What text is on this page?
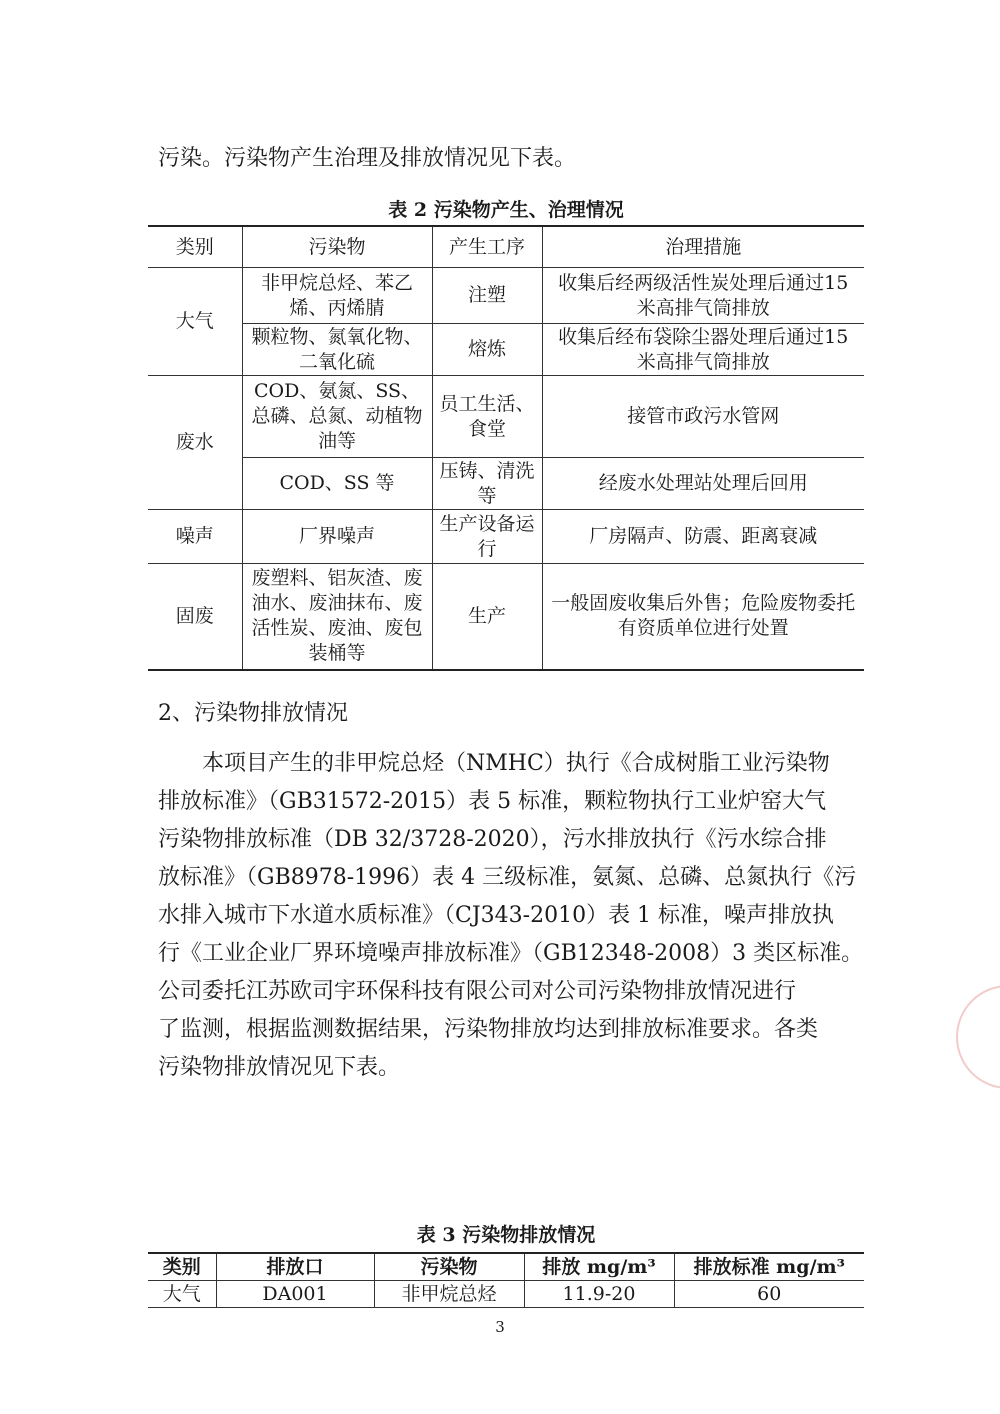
污染。污染物产生治理及排放情况见下表。

表 2 污染物产生、治理情况
类别	污染物	产生工序	治理措施
大气	非甲烷总烃、苯乙烯、丙烯腈	注塑	收集后经两级活性炭处理后通过15 米高排气筒排放
	颗粒物、氮氧化物、二氧化硫	熔炼	收集后经布袋除尘器处理后通过15 米高排气筒排放
废水	COD、氨氮、SS、总磷、总氮、动植物油等	员工生活、食堂	接管市政污水管网
	COD、SS 等	压铸、清洗等	经废水处理站处理后回用
噪声	厂界噪声	生产设备运行	厂房隔声、防震、距离衰减
固废	废塑料、铝灰渣、废油水、废油抹布、废活性炭、废油、废包装桶等	生产	一般固废收集后外售；危险废物委托有资质单位进行处置

2、污染物排放情况

本项目产生的非甲烷总烃（NMHC）执行《合成树脂工业污染物

排放标准》（GB31572-2015）表 5 标准，颗粒物执行工业炉窑大气

污染物排放标准（DB 32/3728-2020），污水排放执行《污水综合排

放标准》（GB8978-1996）表 4 三级标准，氨氮、总磷、总氮执行《污

水排入城市下水道水质标准》（CJ343-2010）表 1 标准，噪声排放执

行《工业企业厂界环境噪声排放标准》（GB12348-2008）3 类区标准。

公司委托江苏欧司宇环保科技有限公司对公司污染物排放情况进行

了监测，根据监测数据结果，污染物排放均达到排放标准要求。各类

污染物排放情况见下表。

表 3 污染物排放情况
类别	排放口	污染物	排放 mg/m³	排放标准 mg/m³
大气	DA001	非甲烷总烃	11.9-20	60
3
